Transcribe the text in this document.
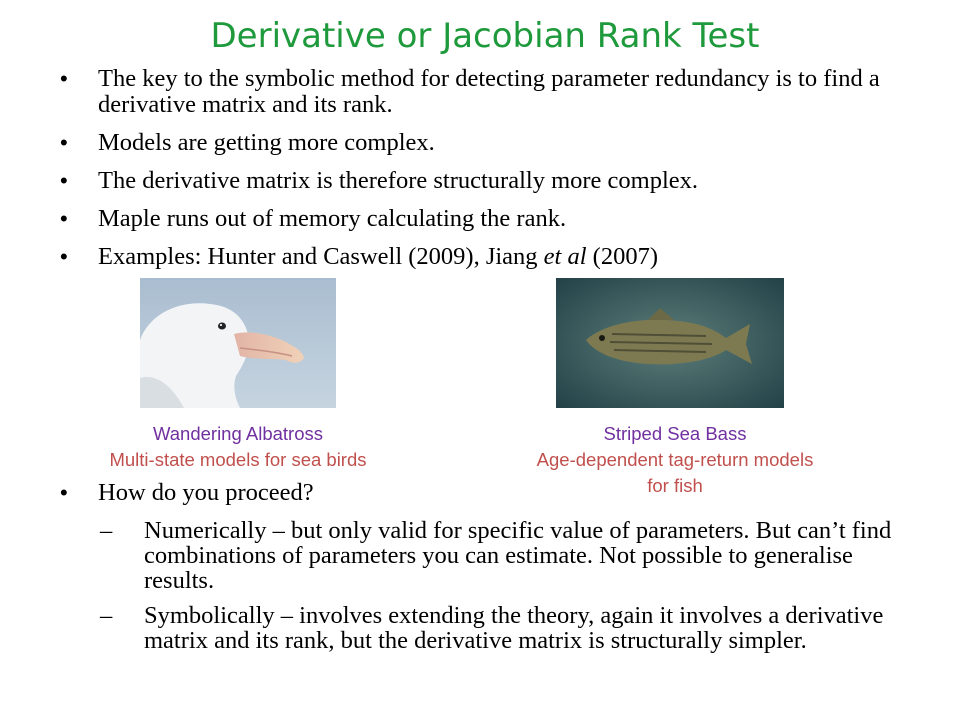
Derivative or Jacobian Rank Test
• The key to the symbolic method for detecting parameter redundancy is to find a derivative matrix and its rank.
• Models are getting more complex.
• The derivative matrix is therefore structurally more complex.
• Maple runs out of memory calculating the rank.
• Examples: Hunter and Caswell (2009), Jiang et al (2007)
Wandering Albatross
Multi-state models for sea birds
Striped Sea Bass
Age-dependent tag-return models for fish
• How do you proceed?
– Numerically – but only valid for specific value of parameters. But can’t find combinations of parameters you can estimate. Not possible to generalise results.
– Symbolically – involves extending the theory, again it involves a derivative matrix and its rank, but the derivative matrix is structurally simpler.
